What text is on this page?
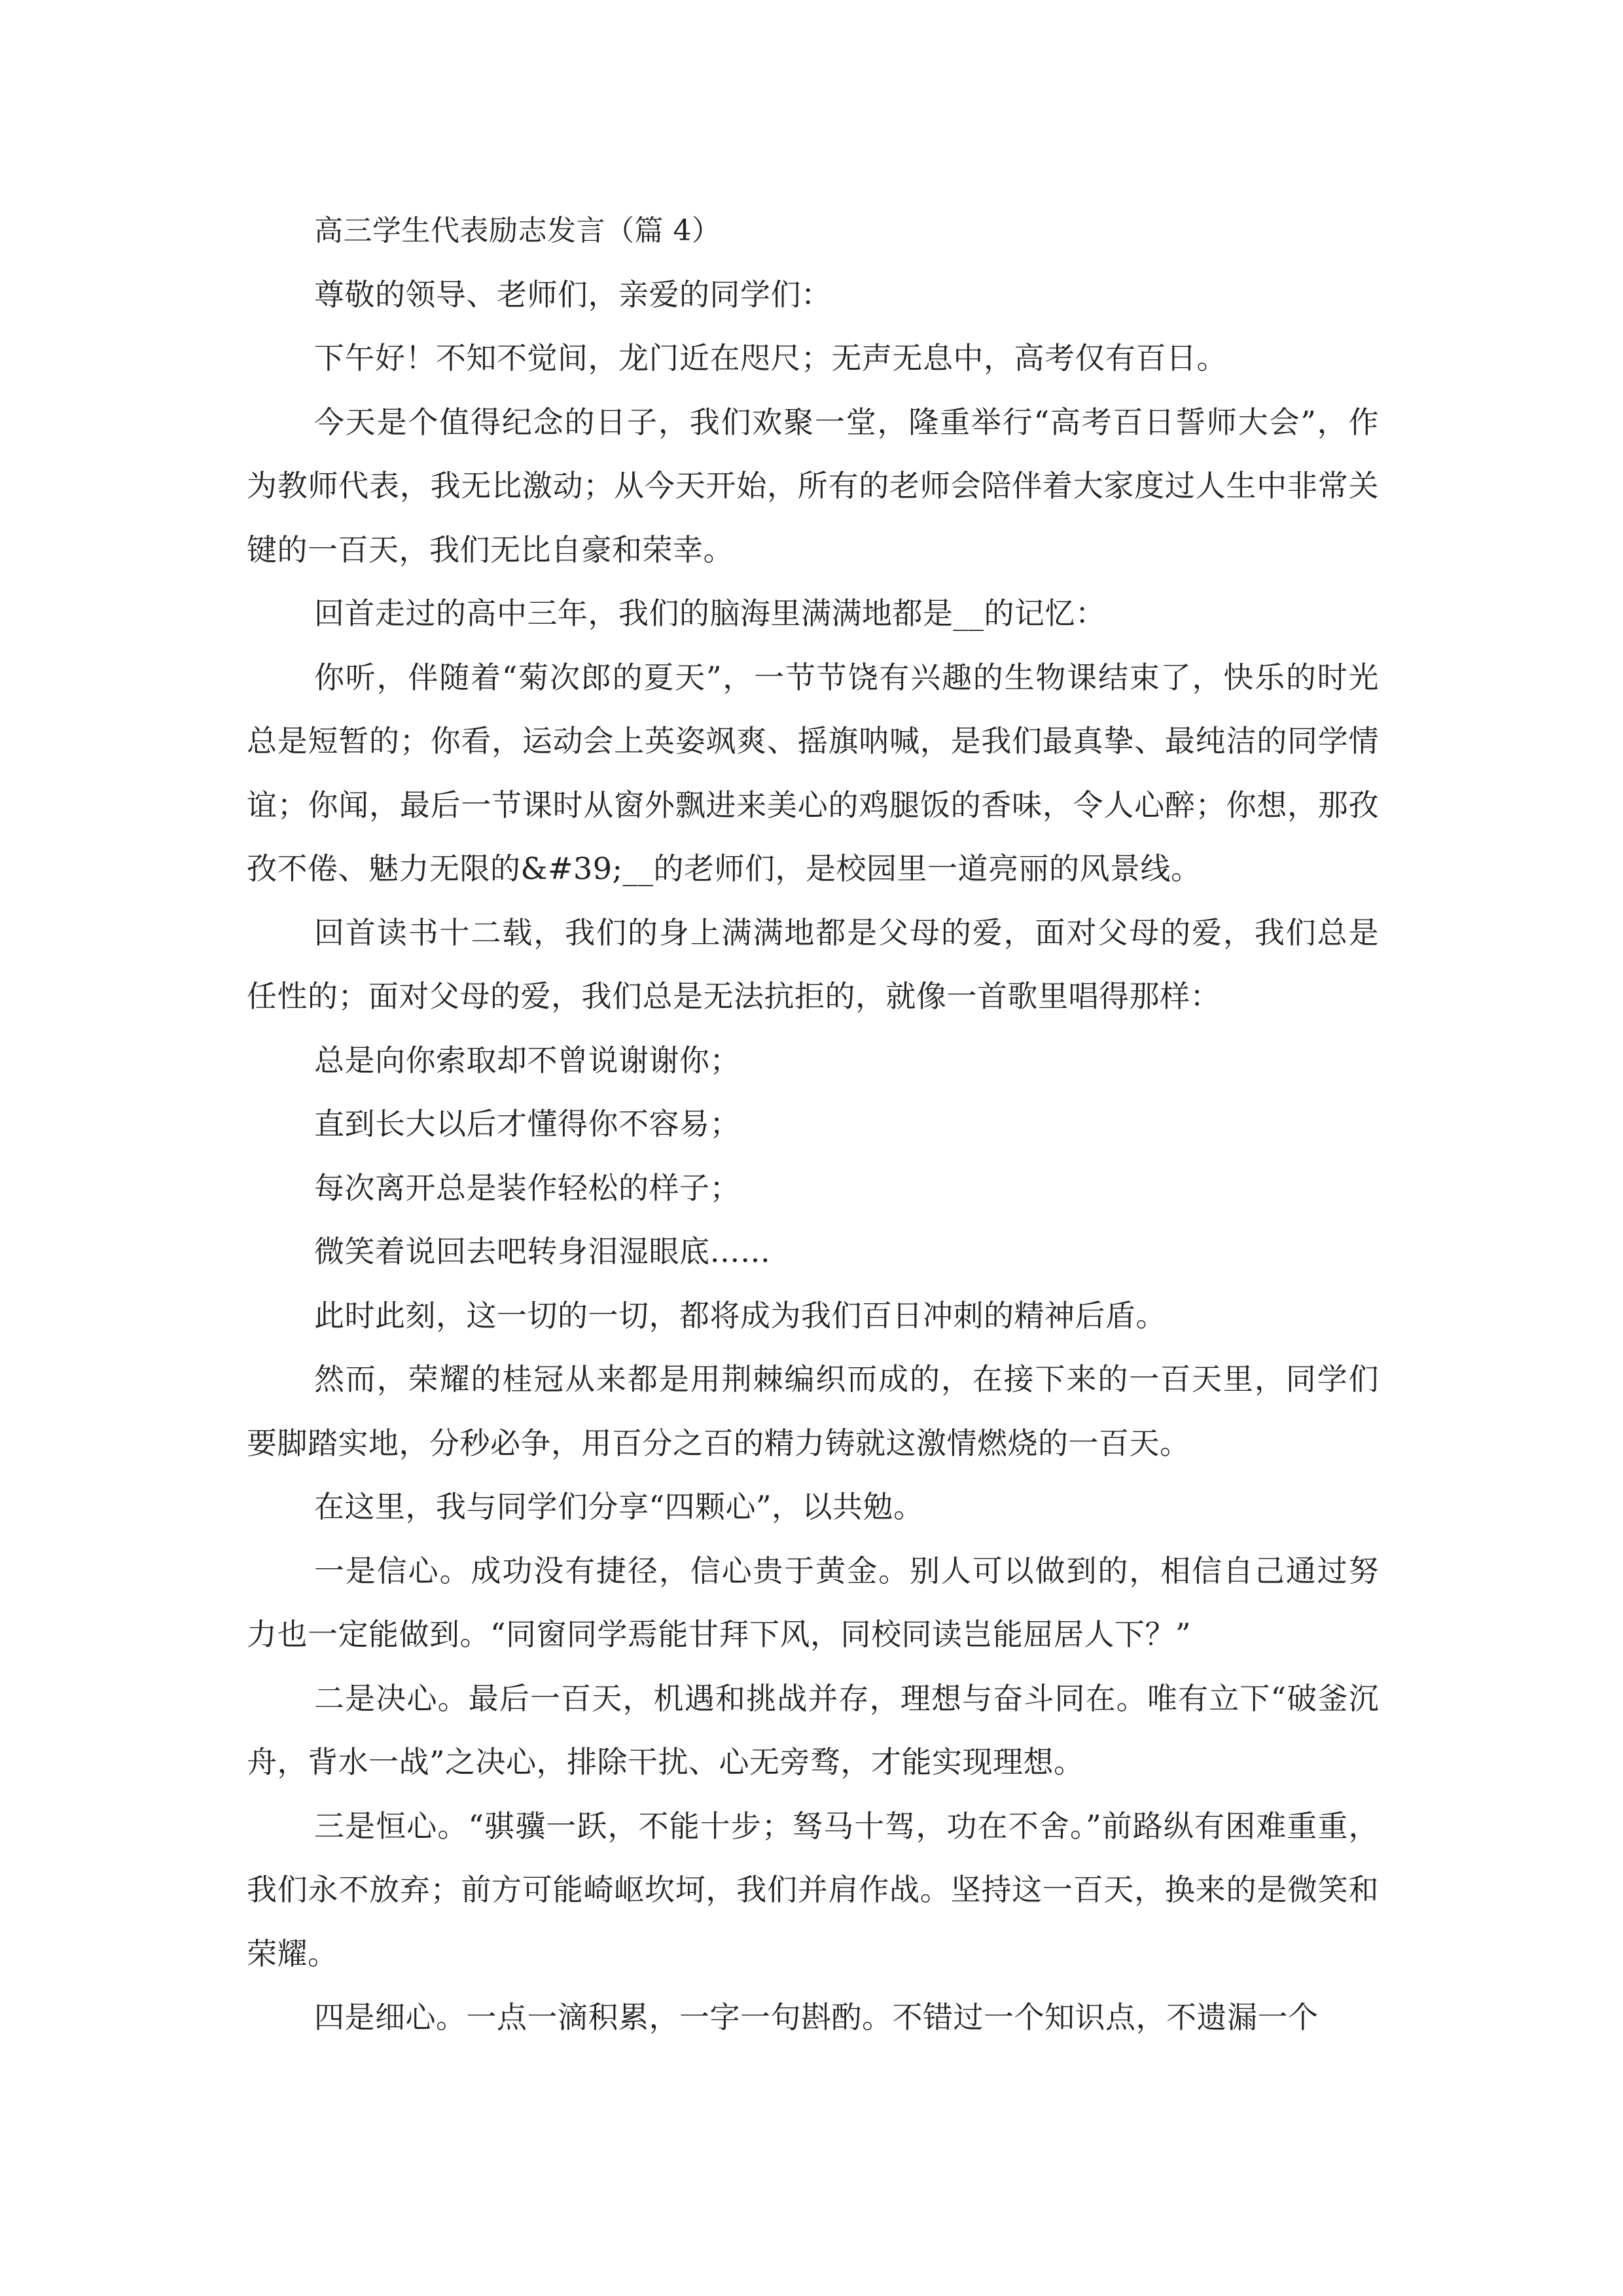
高三学生代表励志发言（篇 4）

尊敬的领导、老师们，亲爱的同学们：

下午好！不知不觉间，龙门近在咫尺；无声无息中，高考仅有百日。

今天是个值得纪念的日子，我们欢聚一堂，隆重举行“高考百日誓师大会”，作为教师代表，我无比激动；从今天开始，所有的老师会陪伴着大家度过人生中非常关键的一百天，我们无比自豪和荣幸。

回首走过的高中三年，我们的脑海里满满地都是__的记忆：

你听，伴随着“菊次郎的夏天”，一节节饶有兴趣的生物课结束了，快乐的时光总是短暂的；你看，运动会上英姿飒爽、摇旗呐喊，是我们最真挚、最纯洁的同学情谊；你闻，最后一节课时从窗外飘进来美心的鸡腿饭的香味，令人心醉；你想，那孜孜不倦、魅力无限的&#39;__的老师们，是校园里一道亮丽的风景线。

回首读书十二载，我们的身上满满地都是父母的爱，面对父母的爱，我们总是任性的；面对父母的爱，我们总是无法抗拒的，就像一首歌里唱得那样：

总是向你索取却不曾说谢谢你；

直到长大以后才懂得你不容易；

每次离开总是装作轻松的样子；

微笑着说回去吧转身泪湿眼底……

此时此刻，这一切的一切，都将成为我们百日冲刺的精神后盾。

然而，荣耀的桂冠从来都是用荆棘编织而成的，在接下来的一百天里，同学们要脚踏实地，分秒必争，用百分之百的精力铸就这激情燃烧的一百天。

在这里，我与同学们分享“四颗心”，以共勉。

一是信心。成功没有捷径，信心贵于黄金。别人可以做到的，相信自己通过努力也一定能做到。“同窗同学焉能甘拜下风，同校同读岂能屈居人下？”

二是决心。最后一百天，机遇和挑战并存，理想与奋斗同在。唯有立下“破釜沉舟，背水一战”之决心，排除干扰、心无旁骛，才能实现理想。

三是恒心。“骐骥一跃，不能十步；驽马十驾，功在不舍。”前路纵有困难重重，我们永不放弃；前方可能崎岖坎坷，我们并肩作战。坚持这一百天，换来的是微笑和荣耀。

四是细心。一点一滴积累，一字一句斟酌。不错过一个知识点，不遗漏一个
